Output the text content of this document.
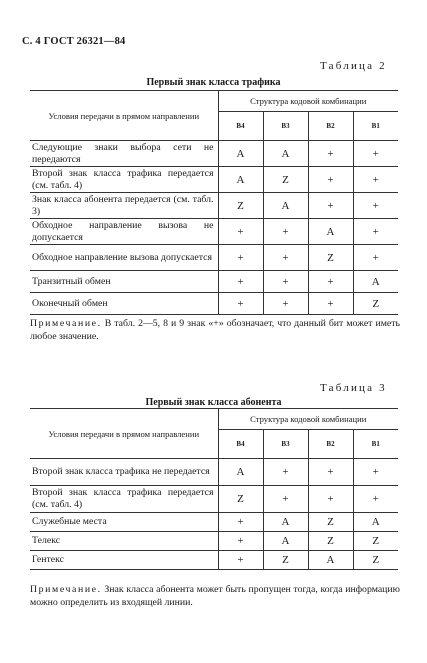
С. 4 ГОСТ 26321—84
Таблица 2
Первый знак класса трафика
Условия передачи в прямом направлении	Структура кодовой комбинации			
	B4	B3	B2	B1
Следующие знаки выбора сети не передаются	A	A	+	+
Второй знак класса трафика передается (см. табл. 4)	A	Z	+	+
Знак класса абонента передается (см. табл. 3)	Z	A	+	+
Обходное направление вызова не допускается	+	+	A	+
Обходное направление вызова допускается	+	+	Z	+
Транзитный обмен	+	+	+	A
Оконечный обмен	+	+	+	Z
Примечание. В табл. 2—5, 8 и 9 знак «+» обозначает, что данный бит может иметь любое значение.
Таблица 3
Первый знак класса абонента
Условия передачи в прямом направлении	Структура кодовой комбинации			
	B4	B3	B2	B1
Второй знак класса трафика не передается	A	+	+	+
Второй знак класса трафика передается (см. табл. 4)	Z	+	+	+
Служебные места	+	A	Z	A
Телекс	+	A	Z	Z
Гентекс	+	Z	A	Z
Примечание. Знак класса абонента может быть пропущен тогда, когда информацию можно определить из входящей линии.
